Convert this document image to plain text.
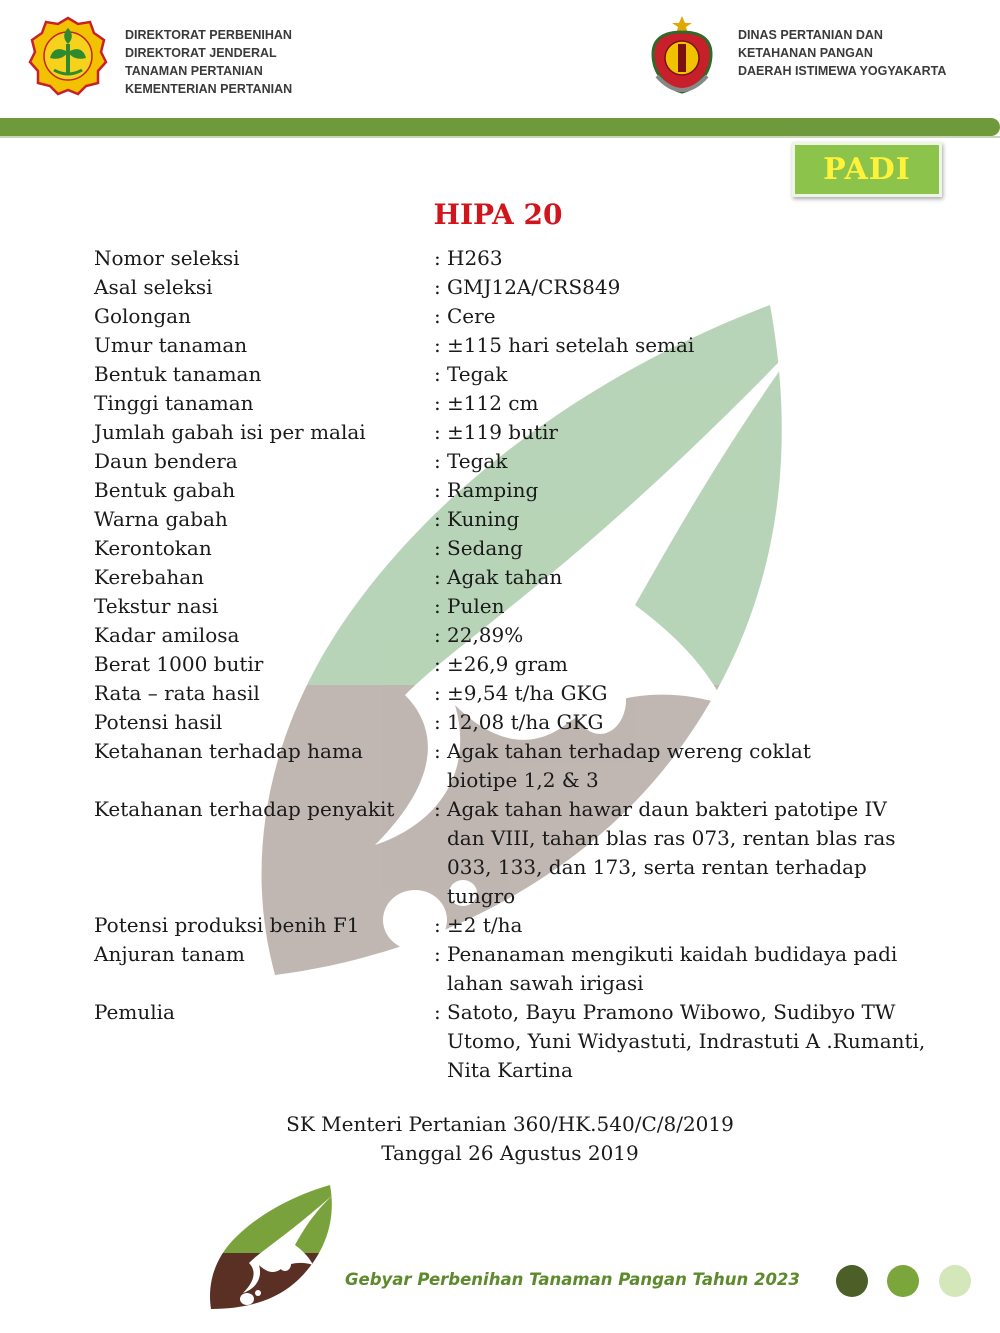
DIREKTORAT PERBENIHAN
DIREKTORAT JENDERAL
TANAMAN PERTANIAN
KEMENTERIAN PERTANIAN
DINAS PERTANIAN DAN
KETAHANAN PANGAN
DAERAH ISTIMEWA YOGYAKARTA
PADI
HIPA 20
Nomor seleksi	: H263
Asal seleksi	: GMJ12A/CRS849
Golongan	: Cere
Umur tanaman	: ±115 hari setelah semai
Bentuk tanaman	: Tegak
Tinggi tanaman	: ±112 cm
Jumlah gabah isi per malai	: ±119 butir
Daun bendera	: Tegak
Bentuk gabah	: Ramping
Warna gabah	: Kuning
Kerontokan	: Sedang
Kerebahan	: Agak tahan
Tekstur nasi	: Pulen
Kadar amilosa	: 22,89%
Berat 1000 butir	: ±26,9 gram
Rata – rata hasil	: ±9,54 t/ha GKG
Potensi hasil	: 12,08 t/ha GKG
Ketahanan terhadap hama	: Agak tahan terhadap wereng coklat
biotipe 1,2 & 3
Ketahanan terhadap penyakit	: Agak tahan hawar daun bakteri patotipe IV
dan VIII, tahan blas ras 073, rentan blas ras
033, 133, dan 173, serta rentan terhadap
tungro
Potensi produksi benih F1	: ±2 t/ha
Anjuran tanam	: Penanaman mengikuti kaidah budidaya padi
lahan sawah irigasi
Pemulia	: Satoto, Bayu Pramono Wibowo, Sudibyo TW
Utomo, Yuni Widyastuti, Indrastuti A .Rumanti,
Nita Kartina
SK Menteri Pertanian 360/HK.540/C/8/2019
Tanggal 26 Agustus 2019
Gebyar Perbenihan Tanaman Pangan Tahun 2023
